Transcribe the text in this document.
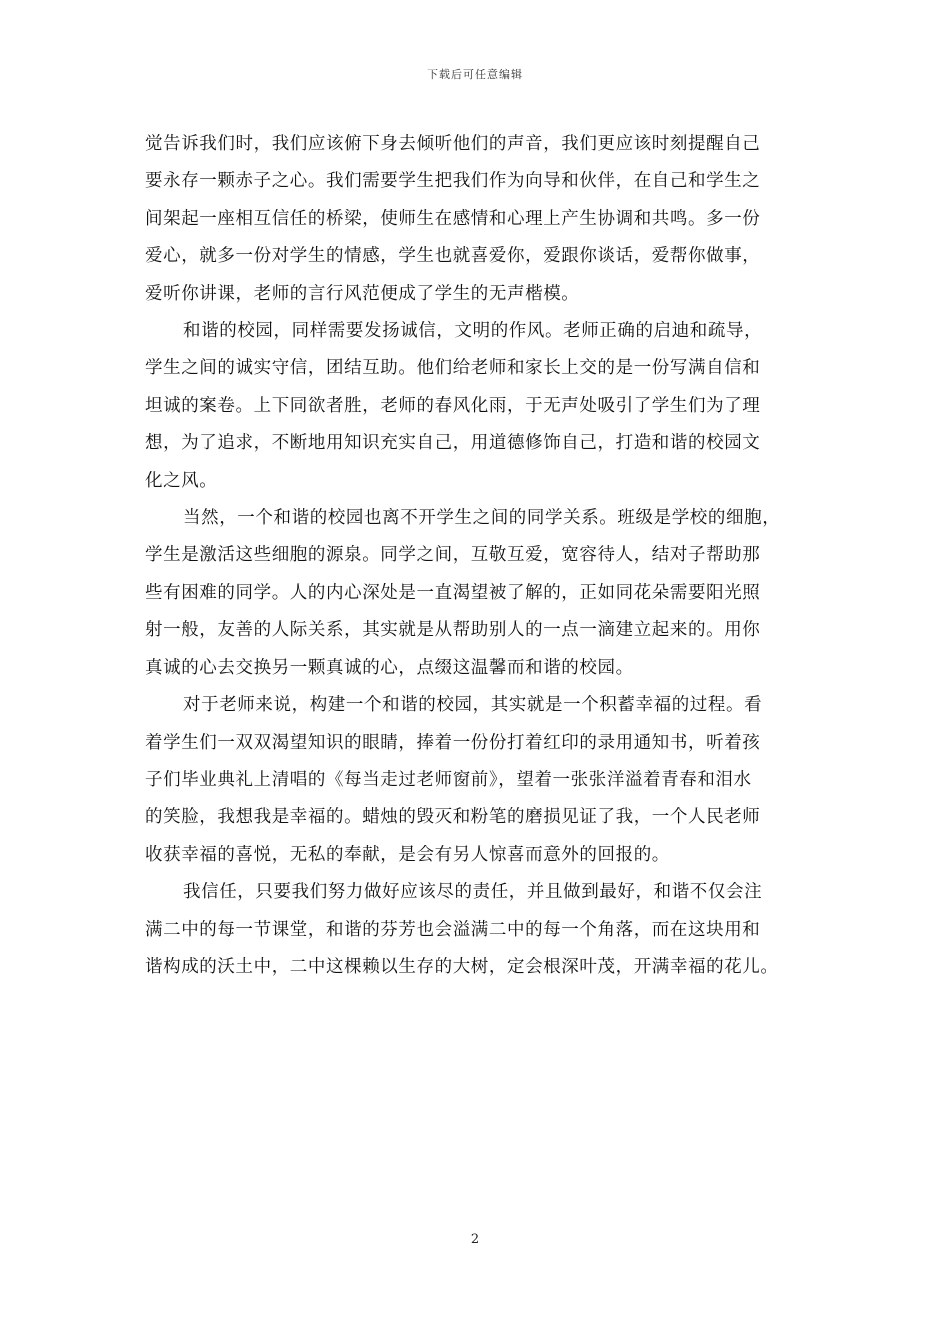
下载后可任意编辑

觉告诉我们时，我们应该俯下身去倾听他们的声音，我们更应该时刻提醒自己
要永存一颗赤子之心。我们需要学生把我们作为向导和伙伴，在自己和学生之
间架起一座相互信任的桥梁，使师生在感情和心理上产生协调和共鸣。多一份
爱心，就多一份对学生的情感，学生也就喜爱你，爱跟你谈话，爱帮你做事，
爱听你讲课，老师的言行风范便成了学生的无声楷模。

和谐的校园，同样需要发扬诚信，文明的作风。老师正确的启迪和疏导，
学生之间的诚实守信，团结互助。他们给老师和家长上交的是一份写满自信和
坦诚的案卷。上下同欲者胜，老师的春风化雨，于无声处吸引了学生们为了理
想，为了追求，不断地用知识充实自己，用道德修饰自己，打造和谐的校园文
化之风。

当然，一个和谐的校园也离不开学生之间的同学关系。班级是学校的细胞，
学生是激活这些细胞的源泉。同学之间，互敬互爱，宽容待人，结对子帮助那
些有困难的同学。人的内心深处是一直渴望被了解的，正如同花朵需要阳光照
射一般，友善的人际关系，其实就是从帮助别人的一点一滴建立起来的。用你
真诚的心去交换另一颗真诚的心，点缀这温馨而和谐的校园。

对于老师来说，构建一个和谐的校园，其实就是一个积蓄幸福的过程。看
着学生们一双双渴望知识的眼睛，捧着一份份打着红印的录用通知书，听着孩
子们毕业典礼上清唱的《每当走过老师窗前》，望着一张张洋溢着青春和泪水
的笑脸，我想我是幸福的。蜡烛的毁灭和粉笔的磨损见证了我，一个人民老师
收获幸福的喜悦，无私的奉献，是会有另人惊喜而意外的回报的。

我信任，只要我们努力做好应该尽的责任，并且做到最好，和谐不仅会注
满二中的每一节课堂，和谐的芬芳也会溢满二中的每一个角落，而在这块用和
谐构成的沃土中，二中这棵赖以生存的大树，定会根深叶茂，开满幸福的花儿。

2
